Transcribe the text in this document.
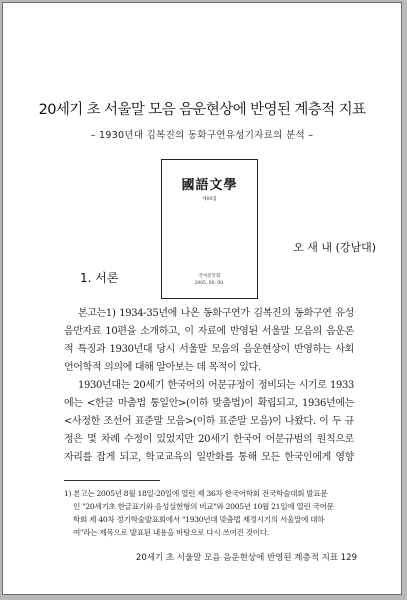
20세기 초 서울말 모음 음운현상에 반영된 계층적 지표
– 1930년대 김복진의 동화구연유성기자료의 분석 –
國語文學
제00집
국어문학회
2005. 00. 00.
오 새 내 (강남대)
1. 서론
본고는1) 1934-35년에 나온 동화구연가 김복진의 동화구연 유성
음반자료 10편을 소개하고, 이 자료에 반영된 서울말 모음의 음운론
적 특징과 1930년대 당시 서울말 모음의 음운현상이 반영하는 사회
언어학적 의의에 대해 알아보는 데 목적이 있다.
1930년대는 20세기 한국어의 어문규정이 정비되는 시기로 1933
에는 <한글 마춤법 통일안>(이하 맞춤법)이 확립되고, 1936년에는
<사정한 조선어 표준말 모음>(이하 표준말 모음)이 나왔다. 이 두 규
정은 몇 차례 수정이 있었지만 20세기 한국어 어문규범의 원칙으로
자리를 잡게 되고, 학교교육의 일반화를 통해 모든 한국인에게 영향
1) 본고는 2005년 8월 18일-20일에 열린 제 36차 한국어학회 전국학술대회 발표문
인 "20세기초 한글표기와 음성실현형의 비교"와 2005년 10월 21일에 열린 국어문
학회 제 40차 정기학술발표회에서 "1930년대 맞춤법 제정시기의 서울말에 대하
여"라는 제목으로 발표된 내용을 바탕으로 다시 쓰여진 것이다.
20세기 초 서울말 모음 음운현상에 반영된 계층적 지표 129
